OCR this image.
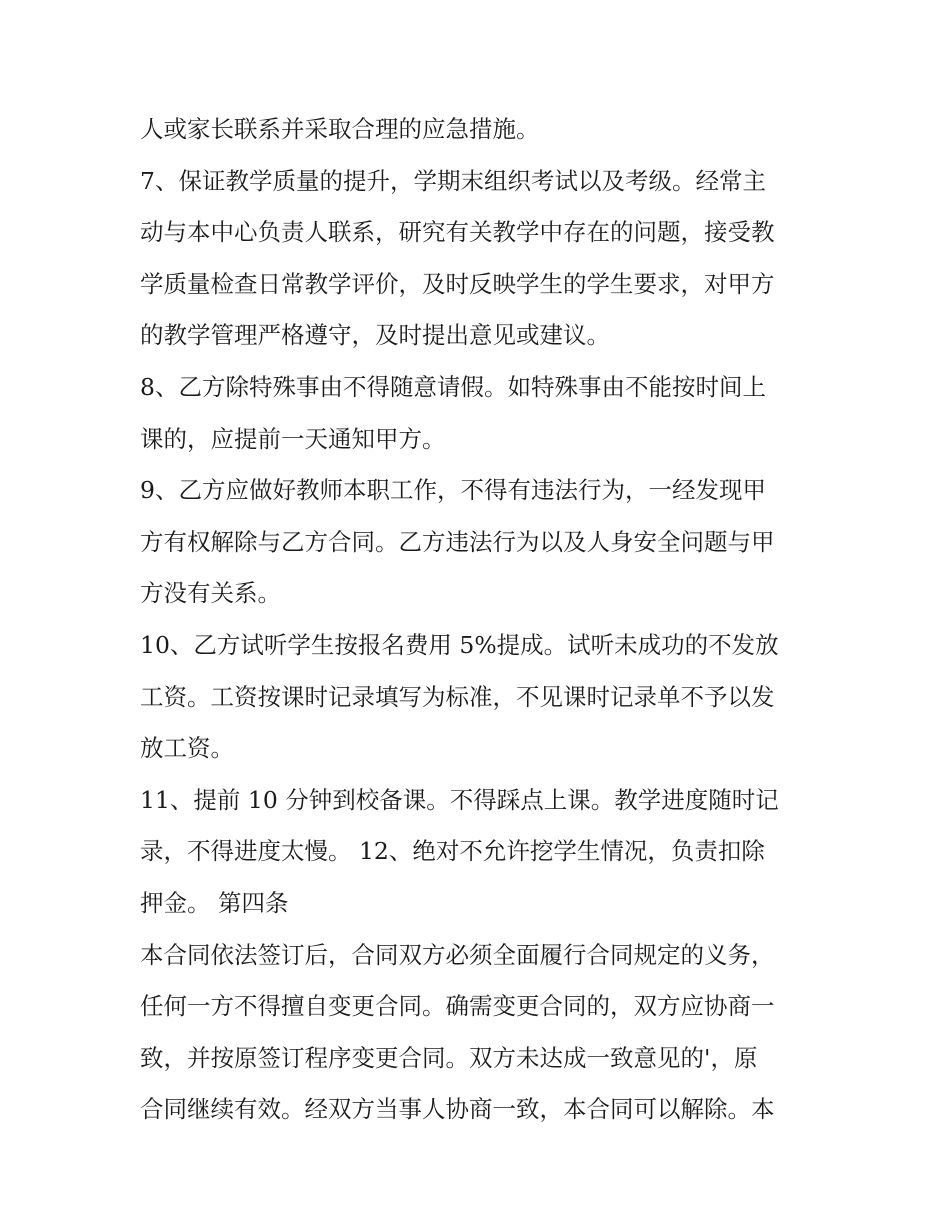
人或家长联系并采取合理的应急措施。
7、保证教学质量的提升，学期末组织考试以及考级。经常主
动与本中心负责人联系，研究有关教学中存在的问题，接受教
学质量检查日常教学评价，及时反映学生的学生要求，对甲方
的教学管理严格遵守，及时提出意见或建议。
8、乙方除特殊事由不得随意请假。如特殊事由不能按时间上
课的，应提前一天通知甲方。
9、乙方应做好教师本职工作，不得有违法行为，一经发现甲
方有权解除与乙方合同。乙方违法行为以及人身安全问题与甲
方没有关系。
10、乙方试听学生按报名费用 5%提成。试听未成功的不发放
工资。工资按课时记录填写为标准，不见课时记录单不予以发
放工资。
11、提前 10 分钟到校备课。不得踩点上课。教学进度随时记
录，不得进度太慢。 12、绝对不允许挖学生情况，负责扣除
押金。 第四条
本合同依法签订后，合同双方必须全面履行合同规定的义务，
任何一方不得擅自变更合同。确需变更合同的，双方应协商一
致，并按原签订程序变更合同。双方未达成一致意见的'，原
合同继续有效。经双方当事人协商一致，本合同可以解除。本
